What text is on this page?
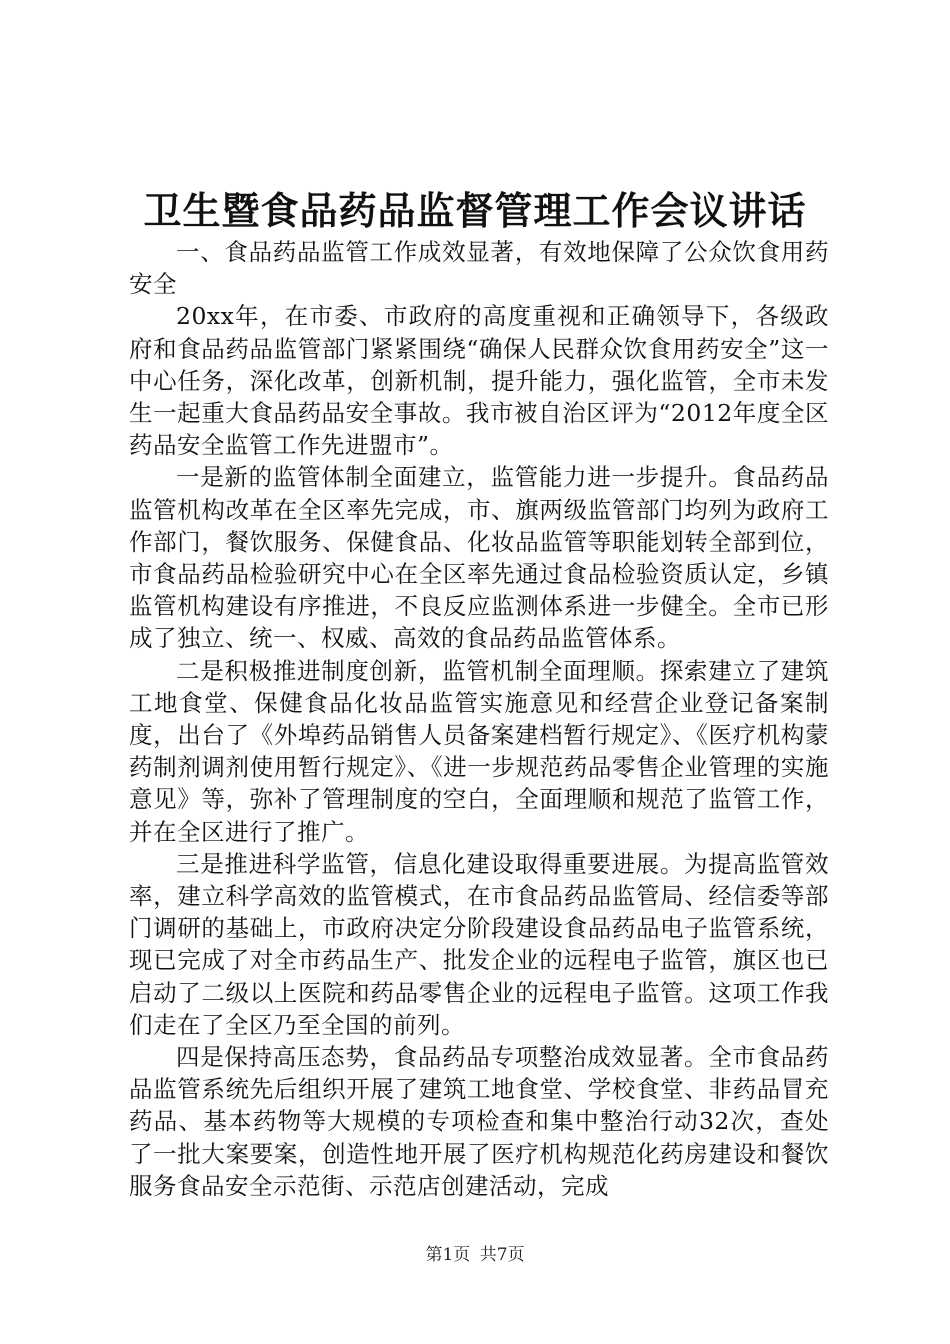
卫生暨食品药品监督管理工作会议讲话

一、食品药品监管工作成效显著，有效地保障了公众饮食用药安全

20xx年，在市委、市政府的高度重视和正确领导下，各级政府和食品药品监管部门紧紧围绕“确保人民群众饮食用药安全”这一中心任务，深化改革，创新机制，提升能力，强化监管，全市未发生一起重大食品药品安全事故。我市被自治区评为“2012年度全区药品安全监管工作先进盟市”。

一是新的监管体制全面建立，监管能力进一步提升。食品药品监管机构改革在全区率先完成，市、旗两级监管部门均列为政府工作部门，餐饮服务、保健食品、化妆品监管等职能划转全部到位，市食品药品检验研究中心在全区率先通过食品检验资质认定，乡镇监管机构建设有序推进，不良反应监测体系进一步健全。全市已形成了独立、统一、权威、高效的食品药品监管体系。

二是积极推进制度创新，监管机制全面理顺。探索建立了建筑工地食堂、保健食品化妆品监管实施意见和经营企业登记备案制度，出台了《外埠药品销售人员备案建档暂行规定》、《医疗机构蒙药制剂调剂使用暂行规定》、《进一步规范药品零售企业管理的实施意见》等，弥补了管理制度的空白，全面理顺和规范了监管工作，并在全区进行了推广。

三是推进科学监管，信息化建设取得重要进展。为提高监管效率，建立科学高效的监管模式，在市食品药品监管局、经信委等部门调研的基础上，市政府决定分阶段建设食品药品电子监管系统，现已完成了对全市药品生产、批发企业的远程电子监管，旗区也已启动了二级以上医院和药品零售企业的远程电子监管。这项工作我们走在了全区乃至全国的前列。

四是保持高压态势，食品药品专项整治成效显著。全市食品药品监管系统先后组织开展了建筑工地食堂、学校食堂、非药品冒充药品、基本药物等大规模的专项检查和集中整治行动32次，查处了一批大案要案，创造性地开展了医疗机构规范化药房建设和餐饮服务食品安全示范街、示范店创建活动，完成

第1页 共7页
